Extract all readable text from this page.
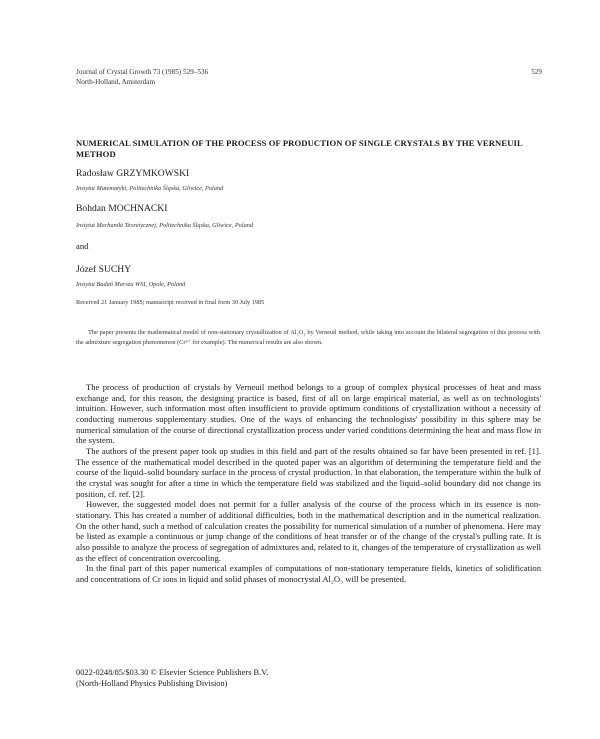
Journal of Crystal Growth 73 (1985) 529–536
North-Holland, Amsterdam
529
NUMERICAL SIMULATION OF THE PROCESS OF PRODUCTION OF SINGLE CRYSTALS BY THE VERNEUIL METHOD
Radosław GRZYMKOWSKI
Instytut Matematyki, Politechnika Śląska, Gliwice, Poland
Bohdan MOCHNACKI
Instytut Mechaniki Teoretycznej, Politechnika Śląska, Gliwice, Poland
and
Józef SUCHY
Instytut Badań Marszu WSI, Opole, Poland
Received 21 January 1985; manuscript received in final form 30 July 1985
The paper presents the mathematical model of non-stationary crystallization of Al₂O₃ by Verneuil method, while taking into account the bilateral segregation of this process with the admixture segregation phenomenon (Cr³⁺ for example). The numerical results are also shown.

The process of production of crystals by Verneuil method belongs to a group of complex physical processes of heat and mass exchange and, for this reason, the designing practice is based, first of all on large empirical material, as well as on technologists' intuition. However, such information most often insufficient to provide optimum conditions of crystallization without a necessity of conducting numerous supplementary studies. One of the ways of enhancing the technologists' possibility in this sphere may be numerical simulation of the course of directional crystallization process under varied conditions determining the heat and mass flow in the system.

The authors of the present paper took up studies in this field and part of the results obtained so far have been presented in ref. [1]. The essence of the mathematical model described in the quoted paper was an algorithm of determining the temperature field and the course of the liquid–solid boundary surface in the process of crystal production. In that elaboration, the temperature within the bulk of the crystal was sought for after a time in which the temperature field was stabilized and the liquid–solid boundary did not change its position, cf. ref. [2].

However, the suggested model does not permit for a fuller analysis of the course of the process which in its essence is non-stationary. This has created a number of additional difficulties, both in the mathematical description and in the numerical realization. On the other hand, such a method of calculation creates the possibility for numerical simulation of a number of phenomena. Here may be listed as example a continuous or jump change of the conditions of heat transfer or of the change of the crystal's pulling rate. It is also possible to analyze the process of segregation of admixtures and, related to it, changes of the temperature of crystallization as well as the effect of concentration overcooling.

In the final part of this paper numerical examples of computations of non-stationary temperature fields, kinetics of solidification and concentrations of Cr ions in liquid and solid phases of monocrystal Al₂O₃ will be presented.

0022-0248/85/$03.30 © Elsevier Science Publishers B.V.
(North-Holland Physics Publishing Division)
